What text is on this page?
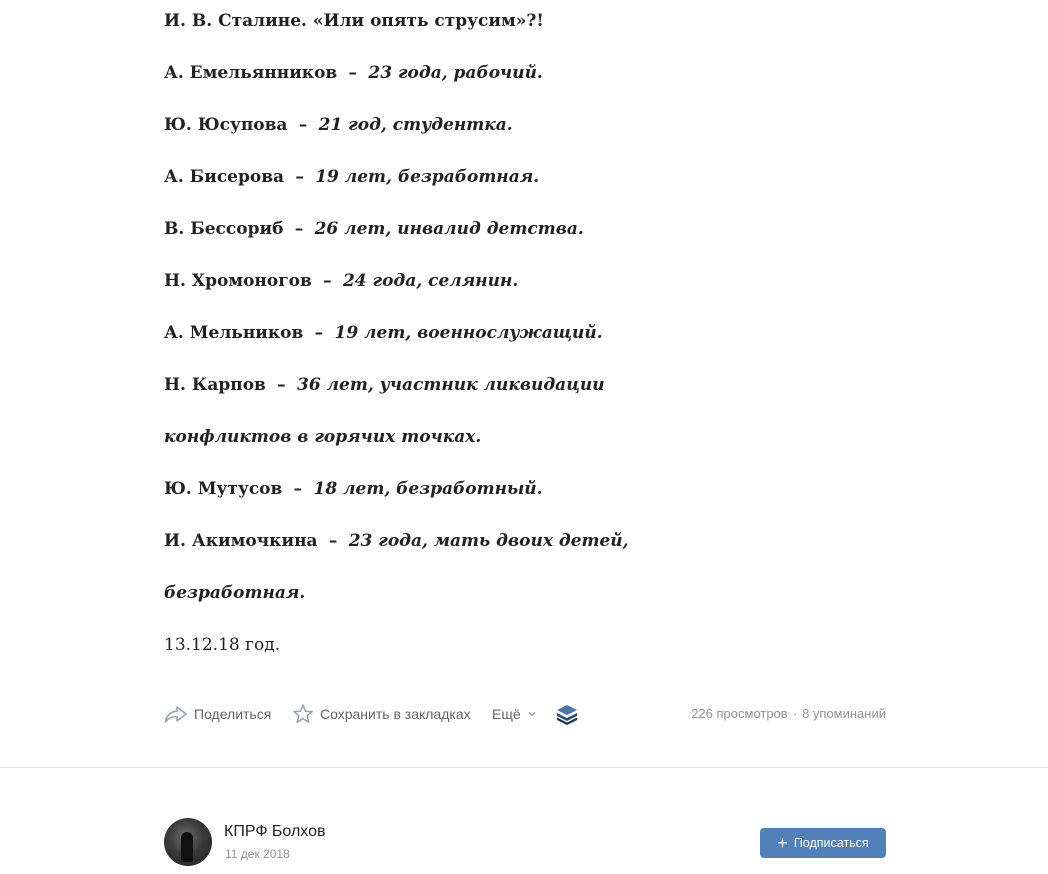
И. В. Сталине. «Или опять струсим»?!
А. Емельянников  –  23 года, рабочий.
Ю. Юсупова  –  21 год, студентка.
А. Бисерова  –  19 лет, безработная.
В. Бессориб  –  26 лет, инвалид детства.
Н. Хромоногов  –  24 года, селянин.
А. Мельников  –  19 лет, военнослужащий.
Н. Карпов  –  36 лет, участник ликвидации
конфликтов в горячих точках.
Ю. Мутусов  –  18 лет, безработный.
И. Акимочкина  –  23 года, мать двоих детей,
безработная.
13.12.18 год.
Поделиться	Сохранить в закладках Ещё	226 просмотров · 8 упоминаний
КПРФ Болхов
11 дек 2018
+ Подписаться
